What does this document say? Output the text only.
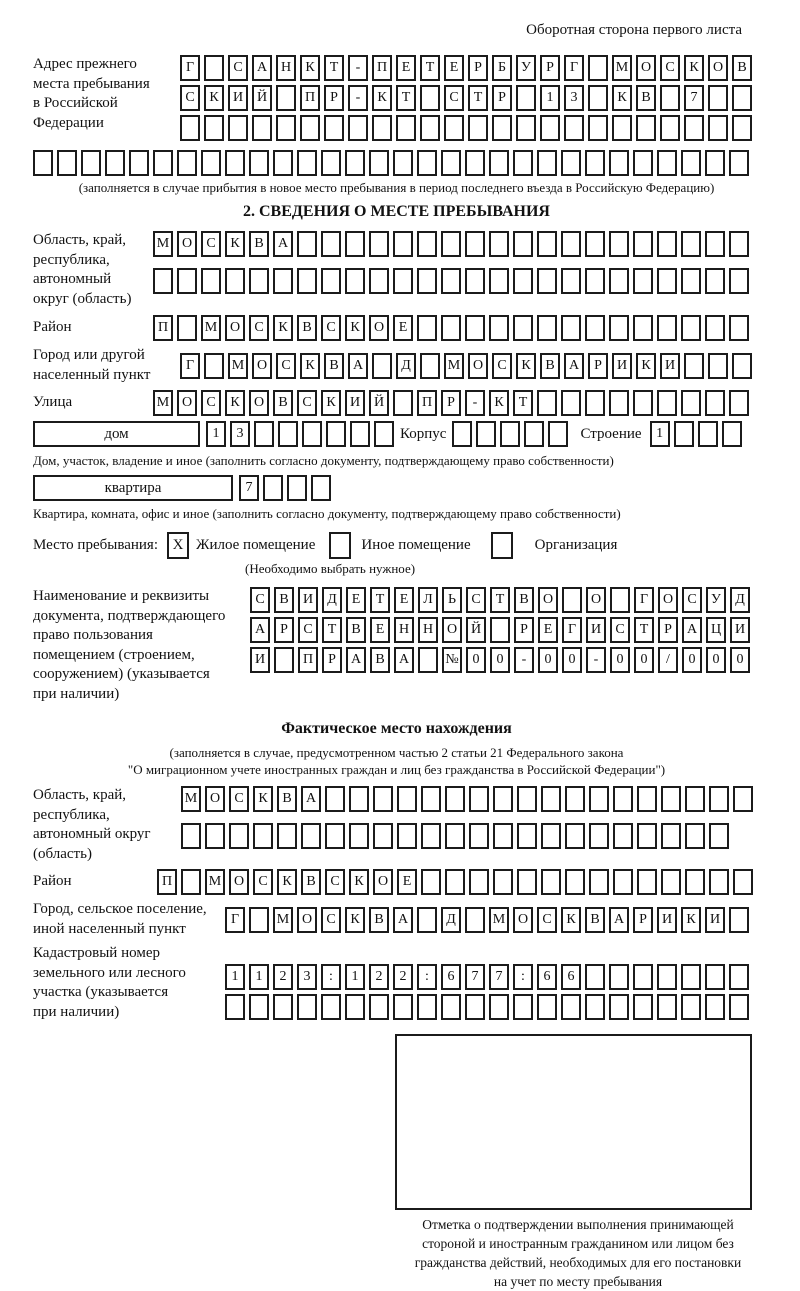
Оборотная сторона первого листа
Адрес прежнего
места пребывания
в Российской
Федерации
Г	С	А Н	К	Т	-	П	Е	Т	Е	Р	Б	У	Р	Г	М О	С	К	О	В
С	К	И Й	П	Р	-	К	Т	С	Т	Р	1	3	К	В	7
(заполняется в случае прибытия в новое место пребывания в период последнего въезда в Российскую Федерацию)
2. СВЕДЕНИЯ О МЕСТЕ ПРЕБЫВАНИЯ
Область, край,
республика,
автономный
округ (область)
М О	С	К	В	А
Район	П	М О	С	К	В	С	К	О	Е
Город или другой
населенный пункт
Г	М О	С	К	В	А	Д	М О	С	К	В	А	Р	И	К	И
Улица	М О	С	К	О	В	С	К	И Й	П	Р	-	К	Т
дом	1	3	Корпус	Строение	1
Дом, участок, владение и иное (заполнить согласно документу, подтверждающему право собственности)
квартира	7
Квартира, комната, офис и иное (заполнить согласно документу, подтверждающему право собственности)
Место пребывания: X Жилое помещение	Иное помещение	Организация
(Необходимо выбрать нужное)
Наименование и реквизиты
документа, подтверждающего
право пользования
помещением (строением,
сооружением) (указывается
при наличии)
С	В	И	Д	Е	Т	Е	Л	Ь	С	Т	В	О	О	Г	О	С	У	Д
А	Р	С	Т	В	Е	Н Н О Й	Р	Е	Г	И	С	Т	Р	А Ц И
И	П	Р	А	В	А	№ 0	0	-	0	0	-	0	0	/	0	0	0
Фактическое место нахождения
(заполняется в случае, предусмотренном частью 2 статьи 21 Федерального закона
"О миграционном учете иностранных граждан и лиц без гражданства в Российской Федерации")
Область, край,
республика,
автономный округ
(область)
М О	С	К	В	А
Район	П	М О	С	К	В	С	К	О	Е
Город, сельское поселение,
иной населенный пункт
Г	М О	С	К	В	А	Д	М О	С	К	В	А	Р	И	К	И
Кадастровый номер
земельного или лесного
участка (указывается
при наличии)
1	1	2	3	:	1	2	2	:	6	7	7	:	6	6
Отметка о подтверждении выполнения принимающей
стороной и иностранным гражданином или лицом без
гражданства действий, необходимых для его постановки
на учет по месту пребывания
